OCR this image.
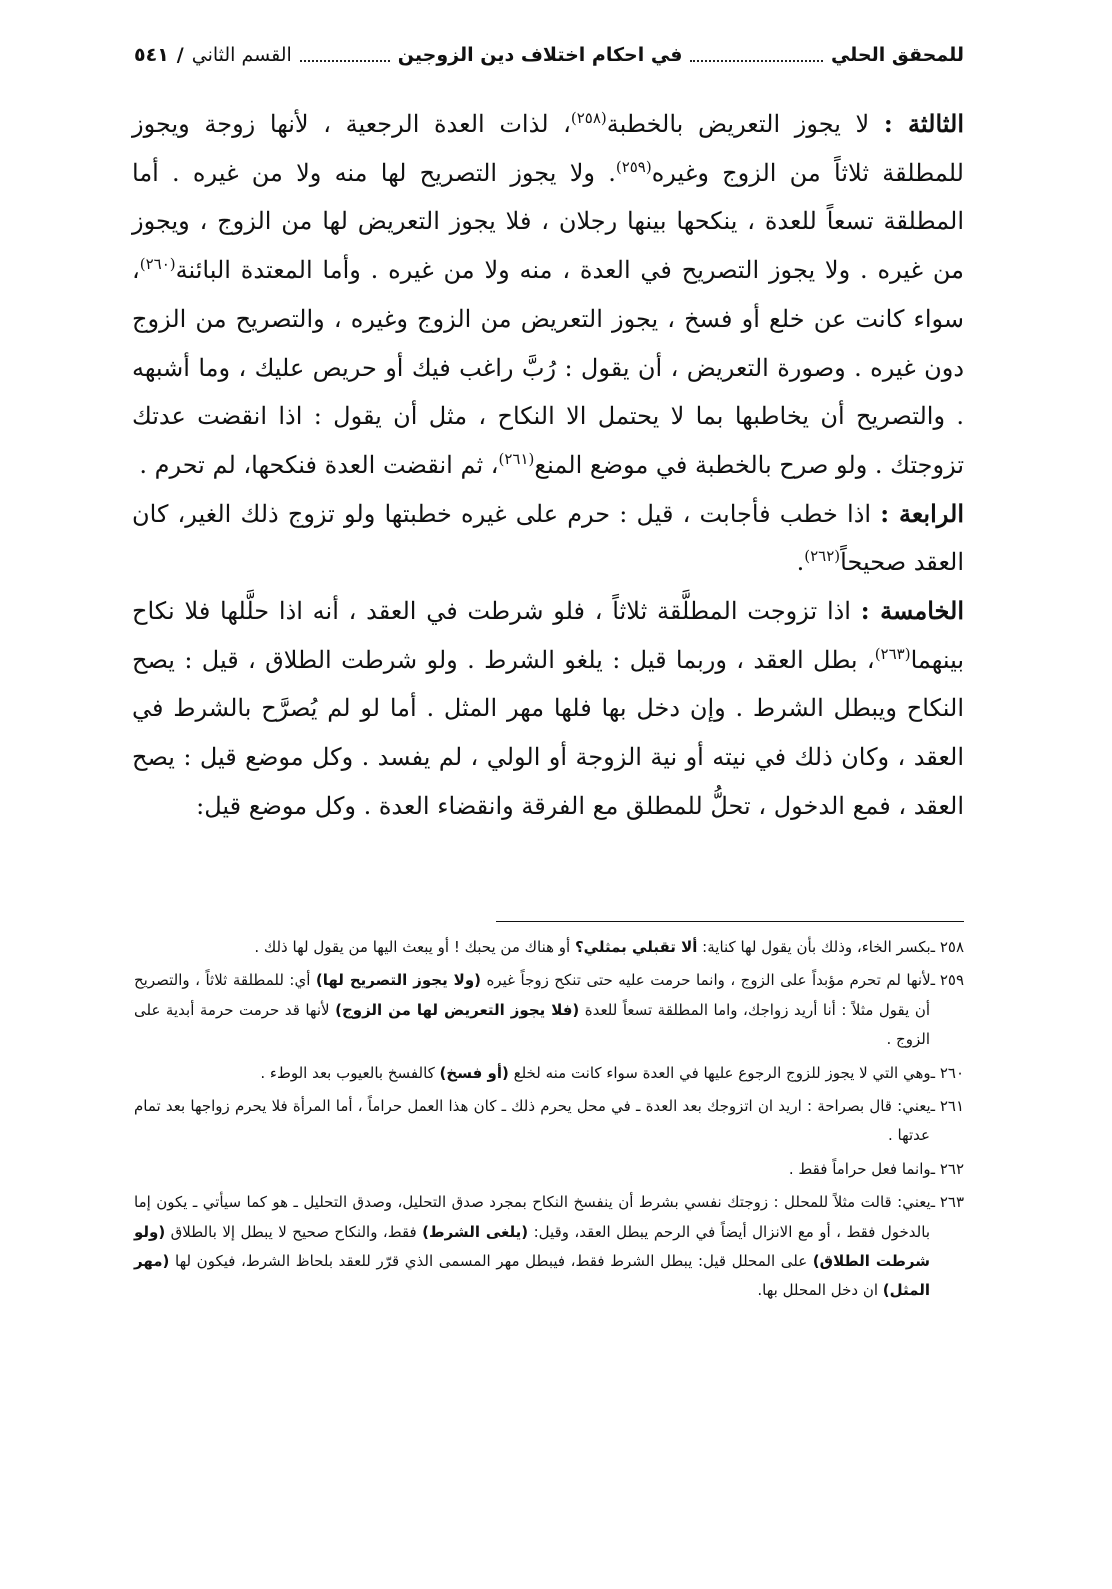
للمحقق الحلي
في احكام اختلاف دين الزوجين
القسم الثاني
/
٥٤١

الثالثة : لا يجوز التعريض بالخطبة$^{(٢٥٨)}$، لذات العدة الرجعية ، لأنها زوجة ويجوز للمطلقة ثلاثاً من الزوج وغيره$^{(٢٥٩)}$. ولا يجوز التصريح لها منه ولا من غيره . أما المطلقة تسعاً للعدة ، ينكحها بينها رجلان ، فلا يجوز التعريض لها من الزوج ، ويجوز من غيره . ولا يجوز التصريح في العدة ، منه ولا من غيره . وأما المعتدة البائنة$^{(٢٦٠)}$، سواء كانت عن خلع أو فسخ ، يجوز التعريض من الزوج وغيره ، والتصريح من الزوج دون غيره . وصورة التعريض ، أن يقول : رُبَّ راغب فيك أو حريص عليك ، وما أشبهه . والتصريح أن يخاطبها بما لا يحتمل الا النكاح ، مثل أن يقول : اذا انقضت عدتك تزوجتك . ولو صرح بالخطبة في موضع المنع$^{(٢٦١)}$، ثم انقضت العدة فنكحها، لم تحرم .

الرابعة : اذا خطب فأجابت ، قيل : حرم على غيره خطبتها ولو تزوج ذلك الغير، كان العقد صحيحاً$^{(٢٦٢)}$.

الخامسة : اذا تزوجت المطلَّقة ثلاثاً ، فلو شرطت في العقد ، أنه اذا حلَّلها فلا نكاح بينهما$^{(٢٦٣)}$، بطل العقد ، وربما قيل : يلغو الشرط . ولو شرطت الطلاق ، قيل : يصح النكاح ويبطل الشرط . وإن دخل بها فلها مهر المثل . أما لو لم يُصرَّح بالشرط في العقد ، وكان ذلك في نيته أو نية الزوجة أو الولي ، لم يفسد . وكل موضع قيل : يصح العقد ، فمع الدخول ، تحلُّ للمطلق مع الفرقة وانقضاء العدة . وكل موضع قيل:

٢٥٨ ـبكسر الخاء، وذلك بأن يقول لها كناية: ألا تقبلي بمثلي؟ أو هناك من يحبك ! أو يبعث اليها من يقول لها ذلك .

٢٥٩ ـلأنها لم تحرم مؤبداً على الزوج ، وانما حرمت عليه حتى تنكح زوجاً غيره (ولا يجوز التصريح لها) أي: للمطلقة ثلاثاً ، والتصريح أن يقول مثلاً : أنا أريد زواجك، واما المطلقة تسعاً للعدة (فلا يجوز التعريض لها من الزوج) لأنها قد حرمت حرمة أبدية على الزوج .

٢٦٠ ـوهي التي لا يجوز للزوج الرجوع عليها في العدة سواء كانت منه لخلع (أو فسخ) كالفسخ بالعيوب بعد الوطء .

٢٦١ ـيعني: قال بصراحة : اريد ان اتزوجك بعد العدة ـ في محل يحرم ذلك ـ كان هذا العمل حراماً ، أما المرأة فلا يحرم زواجها بعد تمام عدتها .

٢٦٢ ـوانما فعل حراماً فقط .

٢٦٣ ـيعني: قالت مثلاً للمحلل : زوجتك نفسي بشرط أن ينفسخ النكاح بمجرد صدق التحليل، وصدق التحليل ـ هو كما سيأتي ـ يكون إما بالدخول فقط ، أو مع الانزال أيضاً في الرحم يبطل العقد، وقيل: (يلغى الشرط) فقط، والنكاح صحيح لا يبطل إلا بالطلاق (ولو شرطت الطلاق) على المحلل قيل: يبطل الشرط فقط، فيبطل مهر المسمى الذي قرّر للعقد بلحاظ الشرط، فيكون لها (مهر المثل) ان دخل المحلل بها.
